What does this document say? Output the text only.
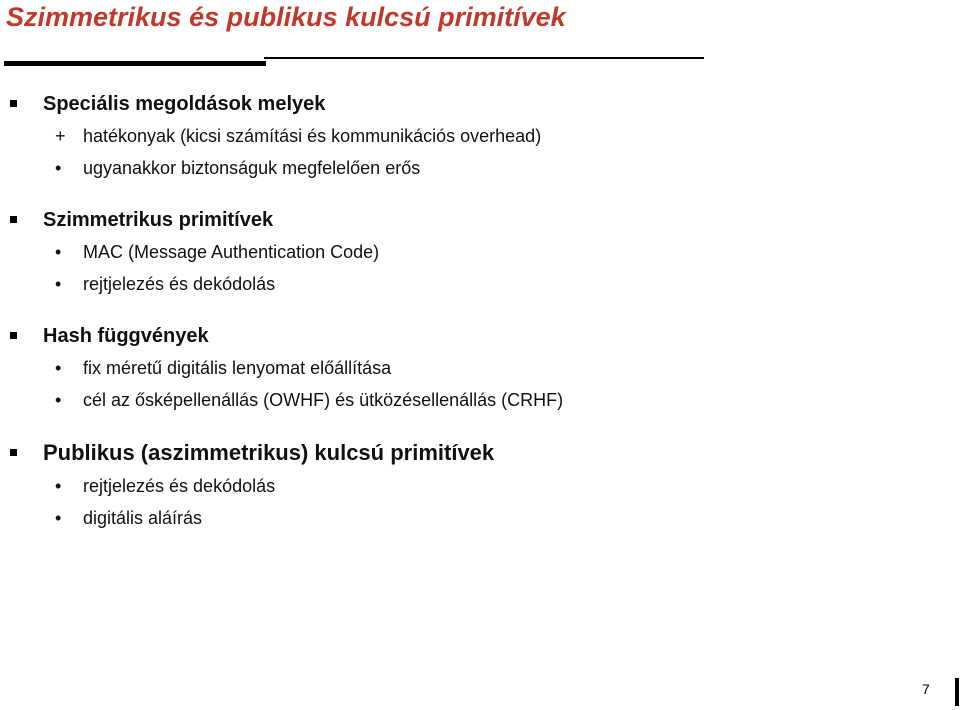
Szimmetrikus és publikus kulcsú primitívek
Speciális megoldások melyek
+ hatékonyak (kicsi számítási és kommunikációs overhead)
•	ugyanakkor biztonságuk megfelelően erős
Szimmetrikus primitívek
•	MAC (Message Authentication Code)
•	rejtjelezés és dekódolás
Hash függvények
•	fix méretű digitális lenyomat előállítása
•	cél az ősképellenállás (OWHF) és ütközésellenállás (CRHF)
Publikus (aszimmetrikus) kulcsú primitívek
•	rejtjelezés és dekódolás
•	digitális aláírás
7
